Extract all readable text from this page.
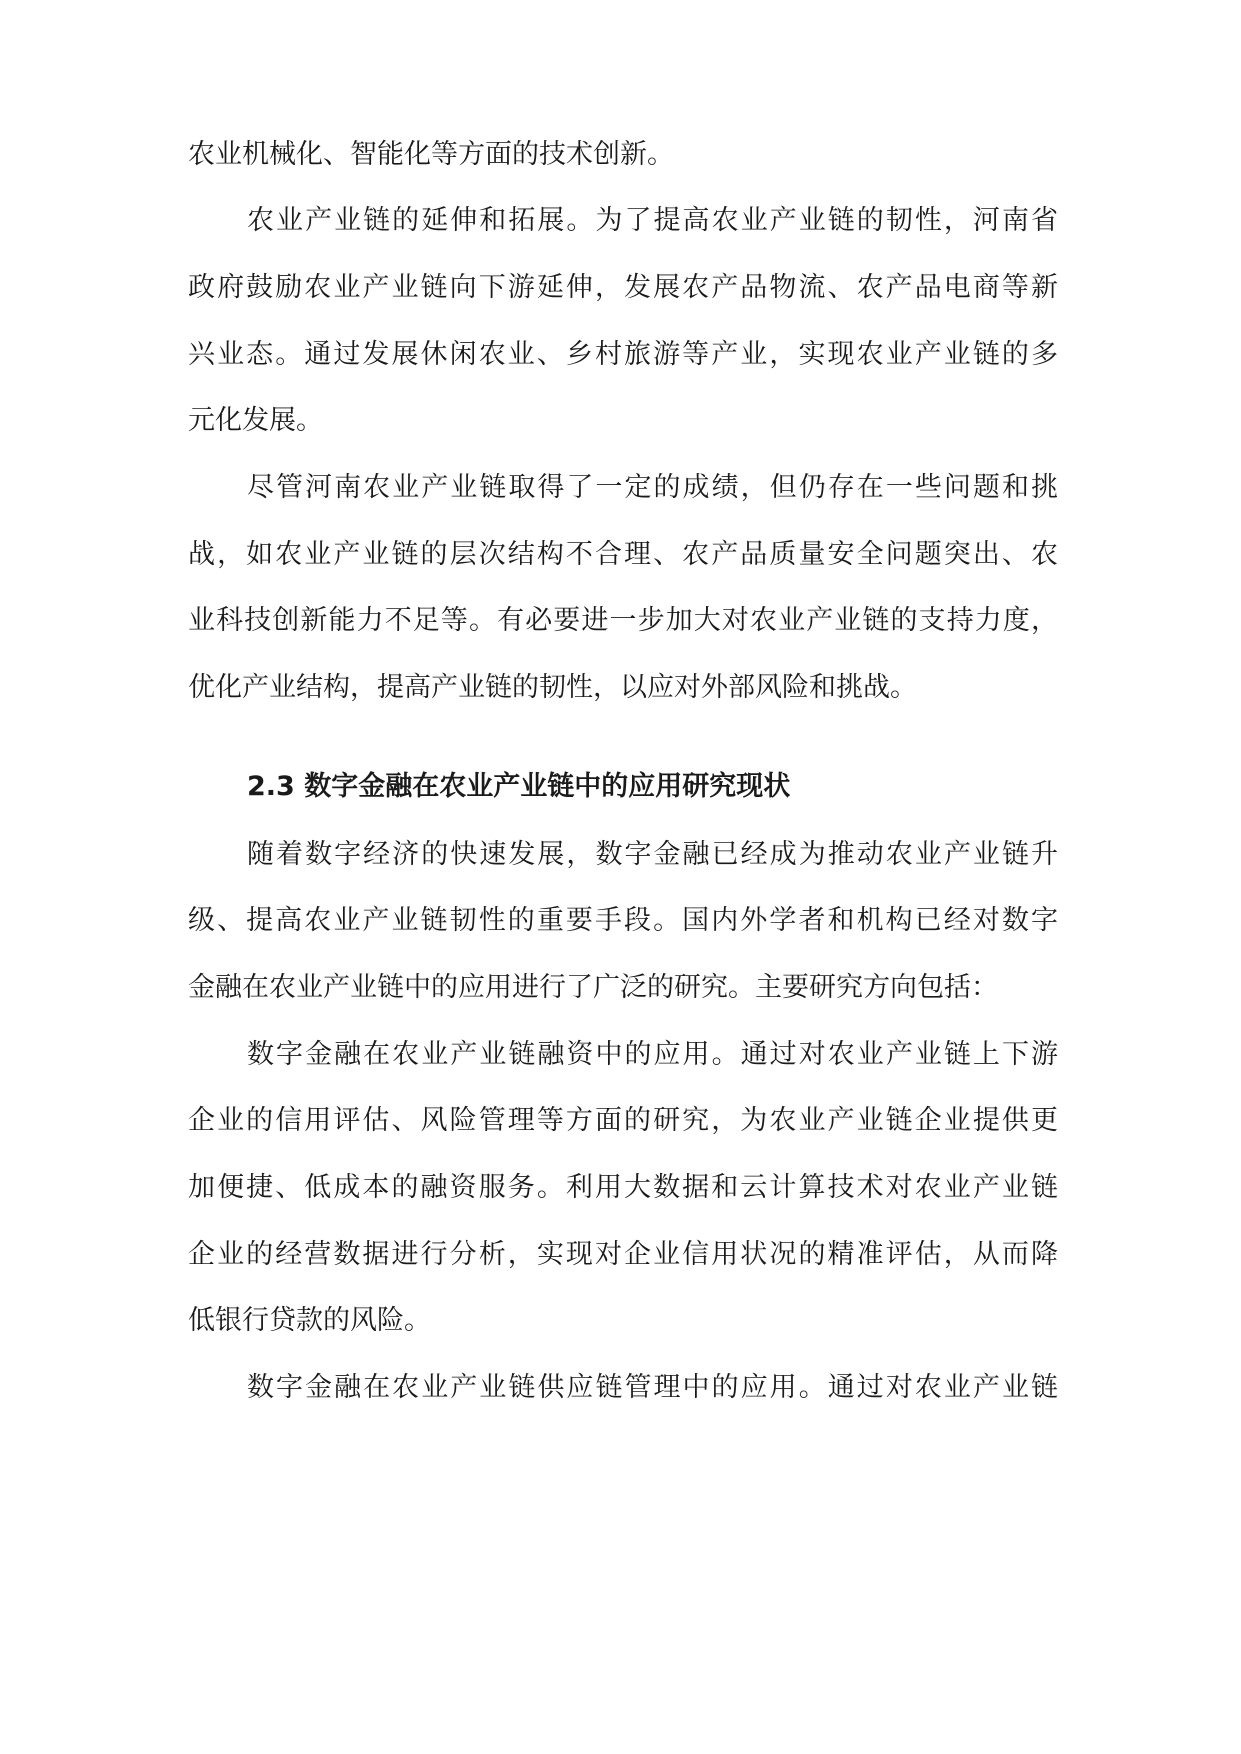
农业机械化、智能化等方面的技术创新。
农业产业链的延伸和拓展。为了提高农业产业链的韧性，河南省
政府鼓励农业产业链向下游延伸，发展农产品物流、农产品电商等新
兴业态。通过发展休闲农业、乡村旅游等产业，实现农业产业链的多
元化发展。
尽管河南农业产业链取得了一定的成绩，但仍存在一些问题和挑
战，如农业产业链的层次结构不合理、农产品质量安全问题突出、农
业科技创新能力不足等。有必要进一步加大对农业产业链的支持力度，
优化产业结构，提高产业链的韧性，以应对外部风险和挑战。
2.3 数字金融在农业产业链中的应用研究现状
随着数字经济的快速发展，数字金融已经成为推动农业产业链升
级、提高农业产业链韧性的重要手段。国内外学者和机构已经对数字
金融在农业产业链中的应用进行了广泛的研究。主要研究方向包括：
数字金融在农业产业链融资中的应用。通过对农业产业链上下游
企业的信用评估、风险管理等方面的研究，为农业产业链企业提供更
加便捷、低成本的融资服务。利用大数据和云计算技术对农业产业链
企业的经营数据进行分析，实现对企业信用状况的精准评估，从而降
低银行贷款的风险。
数字金融在农业产业链供应链管理中的应用。通过对农业产业链
